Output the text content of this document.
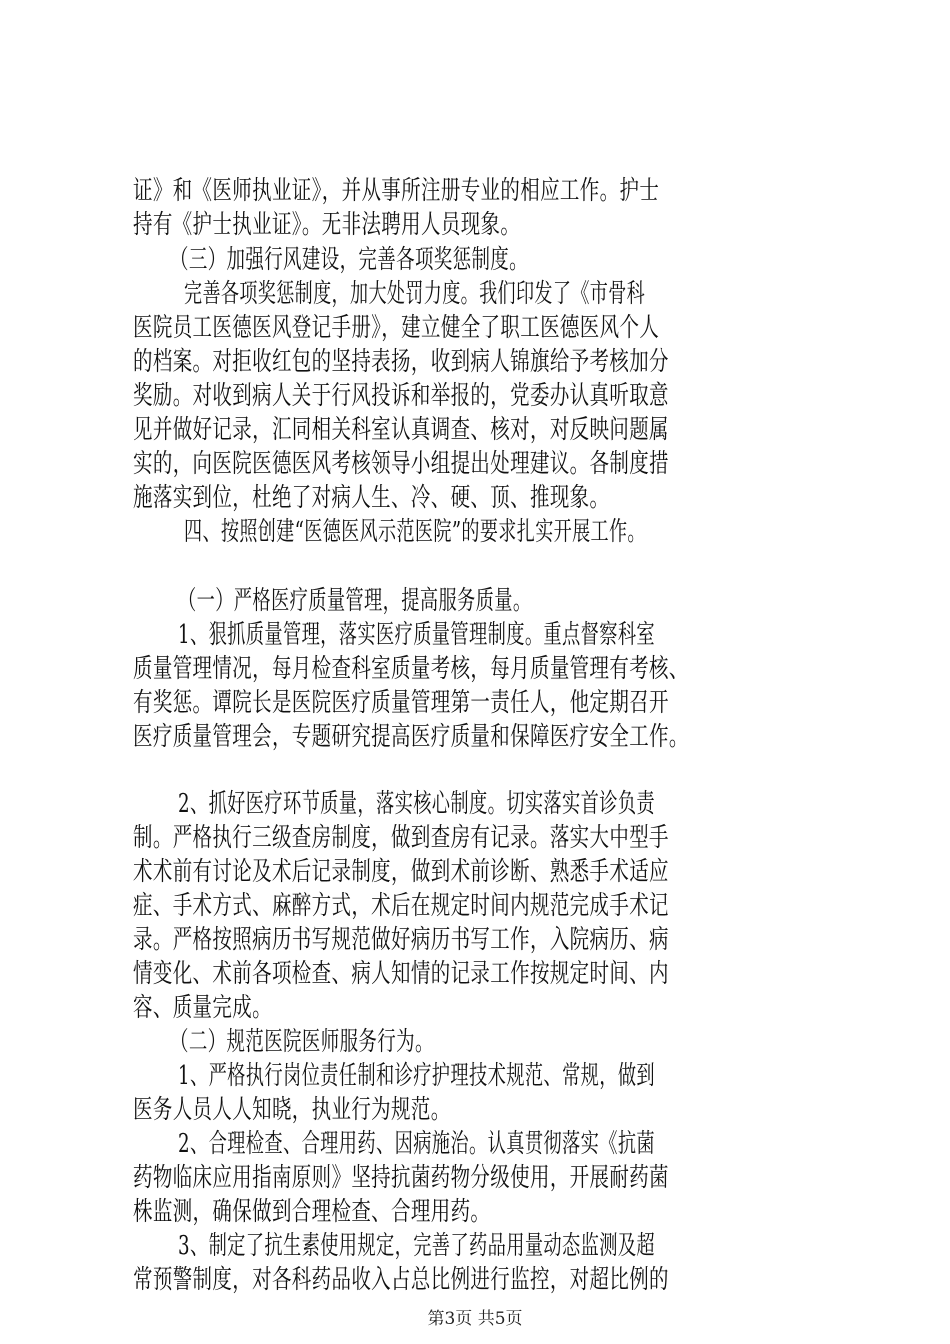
证》和《医师执业证》，并从事所注册专业的相应工作。护士
持有《护士执业证》。无非法聘用人员现象。
（三）加强行风建设，完善各项奖惩制度。
完善各项奖惩制度，加大处罚力度。我们印发了《市骨科
医院员工医德医风登记手册》，建立健全了职工医德医风个人
的档案。对拒收红包的坚持表扬，收到病人锦旗给予考核加分
奖励。对收到病人关于行风投诉和举报的，党委办认真听取意
见并做好记录，汇同相关科室认真调查、核对，对反映问题属
实的，向医院医德医风考核领导小组提出处理建议。各制度措
施落实到位，杜绝了对病人生、冷、硬、顶、推现象。
四、按照创建“医德医风示范医院”的要求扎实开展工作。
（一）严格医疗质量管理，提高服务质量。
1、狠抓质量管理，落实医疗质量管理制度。重点督察科室
质量管理情况，每月检查科室质量考核，每月质量管理有考核、
有奖惩。谭院长是医院医疗质量管理第一责任人，他定期召开
医疗质量管理会，专题研究提高医疗质量和保障医疗安全工作。
2、抓好医疗环节质量，落实核心制度。切实落实首诊负责
制。严格执行三级查房制度，做到查房有记录。落实大中型手
术术前有讨论及术后记录制度，做到术前诊断、熟悉手术适应
症、手术方式、麻醉方式，术后在规定时间内规范完成手术记
录。严格按照病历书写规范做好病历书写工作，入院病历、病
情变化、术前各项检查、病人知情的记录工作按规定时间、内
容、质量完成。
（二）规范医院医师服务行为。
1、严格执行岗位责任制和诊疗护理技术规范、常规，做到
医务人员人人知晓，执业行为规范。
2、合理检查、合理用药、因病施治。认真贯彻落实《抗菌
药物临床应用指南原则》坚持抗菌药物分级使用，开展耐药菌
株监测，确保做到合理检查、合理用药。
3、制定了抗生素使用规定，完善了药品用量动态监测及超
常预警制度，对各科药品收入占总比例进行监控，对超比例的
第3页 共5页
